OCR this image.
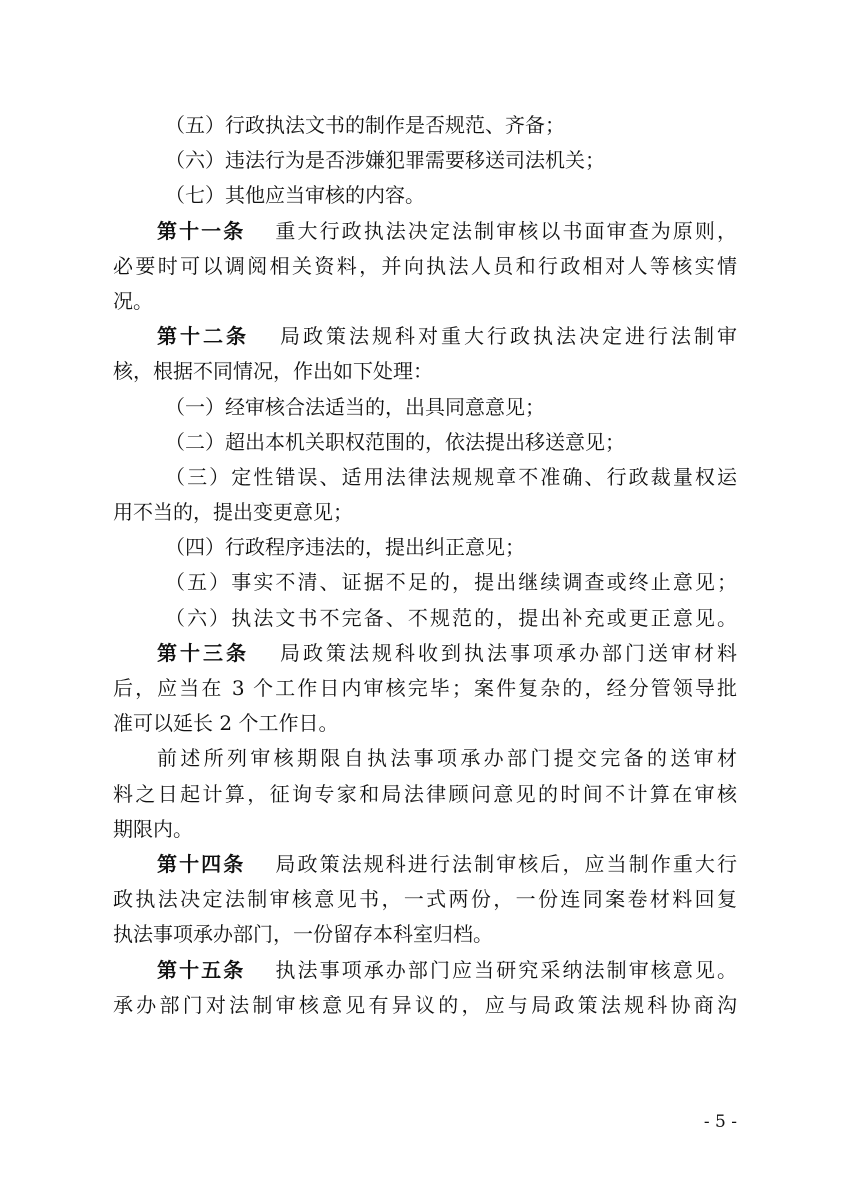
（五）行政执法文书的制作是否规范、齐备；
（六）违法行为是否涉嫌犯罪需要移送司法机关；
（七）其他应当审核的内容。
第十一条 重大行政执法决定法制审核以书面审查为原则，
必要时可以调阅相关资料，并向执法人员和行政相对人等核实情
况。
第十二条 局政策法规科对重大行政执法决定进行法制审
核，根据不同情况，作出如下处理：
（一）经审核合法适当的，出具同意意见；
（二）超出本机关职权范围的，依法提出移送意见；
（三）定性错误、适用法律法规规章不准确、行政裁量权运
用不当的，提出变更意见；
（四）行政程序违法的，提出纠正意见；
（五）事实不清、证据不足的，提出继续调查或终止意见；
（六）执法文书不完备、不规范的，提出补充或更正意见。
第十三条 局政策法规科收到执法事项承办部门送审材料
后，应当在 3 个工作日内审核完毕；案件复杂的，经分管领导批
准可以延长 2 个工作日。
前述所列审核期限自执法事项承办部门提交完备的送审材
料之日起计算，征询专家和局法律顾问意见的时间不计算在审核
期限内。
第十四条 局政策法规科进行法制审核后，应当制作重大行
政执法决定法制审核意见书，一式两份，一份连同案卷材料回复
执法事项承办部门，一份留存本科室归档。
第十五条 执法事项承办部门应当研究采纳法制审核意见。
承办部门对法制审核意见有异议的，应与局政策法规科协商沟
- 5 -
